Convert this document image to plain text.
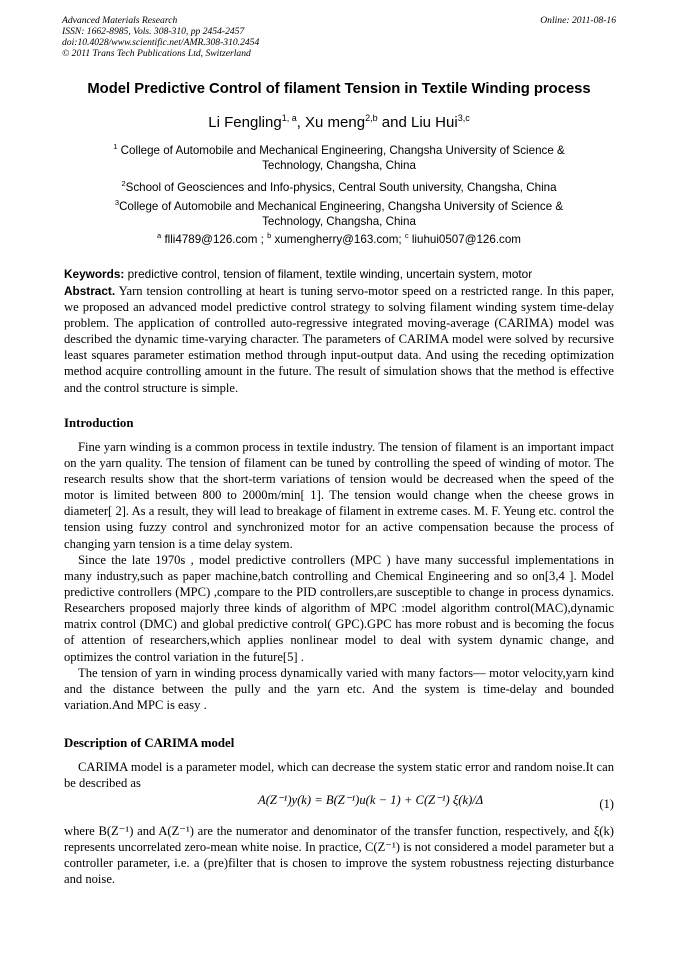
Advanced Materials Research
ISSN: 1662-8985, Vols. 308-310, pp 2454-2457
doi:10.4028/www.scientific.net/AMR.308-310.2454
© 2011 Trans Tech Publications Ltd, Switzerland
Online: 2011-08-16
Model Predictive Control of filament Tension in Textile Winding process
Li Fengling$^{1, a}$, Xu meng$^{2,b}$ and Liu Hui$^{3,c}$
$^1$ College of Automobile and Mechanical Engineering, Changsha University of Science & Technology, Changsha, China
$^2$School of Geosciences and Info-physics, Central South university, Changsha, China
$^3$College of Automobile and Mechanical Engineering, Changsha University of Science & Technology, Changsha, China
$^a$ flli4789@126.com ; $^b$ xumengherry@163.com; $^c$ liuhui0507@126.com
Keywords: predictive control, tension of filament, textile winding, uncertain system, motor
Abstract. Yarn tension controlling at heart is tuning servo-motor speed on a restricted range. In this paper, we proposed an advanced model predictive control strategy to solving filament winding system time-delay problem. The application of controlled auto-regressive integrated moving-average (CARIMA) model was described the dynamic time-varying character. The parameters of CARIMA model were solved by recursive least squares parameter estimation method through input-output data. And using the receding optimization method acquire controlling amount in the future. The result of simulation shows that the method is effective and the control structure is simple.
Introduction
Fine yarn winding is a common process in textile industry. The tension of filament is an important impact on the yarn quality. The tension of filament can be tuned by controlling the speed of winding of motor. The research results show that the short-term variations of tension would be decreased when the speed of the motor is limited between 800 to 2000m/min[ 1]. The tension would change when the cheese grows in diameter[ 2]. As a result, they will lead to breakage of filament in extreme cases. M. F. Yeung etc. control the tension using fuzzy control and synchronized motor for an active compensation because the process of changing yarn tension is a time delay system.
Since the late 1970s , model predictive controllers (MPC ) have many successful implementations in many industry,such as paper machine,batch controlling and Chemical Engineering and so on[3,4 ]. Model predictive controllers (MPC) ,compare to the PID controllers,are susceptible to change in process dynamics. Researchers proposed majorly three kinds of algorithm of MPC :model algorithm control(MAC),dynamic matrix control (DMC) and global predictive control( GPC).GPC has more robust and is becoming the focus of attention of researchers,which applies nonlinear model to deal with system dynamic change, and optimizes the control variation in the future[5] .
The tension of yarn in winding process dynamically varied with many factors— motor velocity,yarn kind and the distance between the pully and the yarn etc. And the system is time-delay and bounded variation.And MPC is easy .
Description of CARIMA model
CARIMA model is a parameter model, which can decrease the system static error and random noise.It can be described as
A(Z⁻¹)y(k) = B(Z⁻¹)u(k − 1) + C(Z⁻¹) ξ(k)/Δ	(1)
where B(Z⁻¹) and A(Z⁻¹) are the numerator and denominator of the transfer function, respectively, and ξ(k) represents uncorrelated zero-mean white noise. In practice, C(Z⁻¹) is not considered a model parameter but a controller parameter, i.e. a (pre)filter that is chosen to improve the system robustness rejecting disturbance and noise.
